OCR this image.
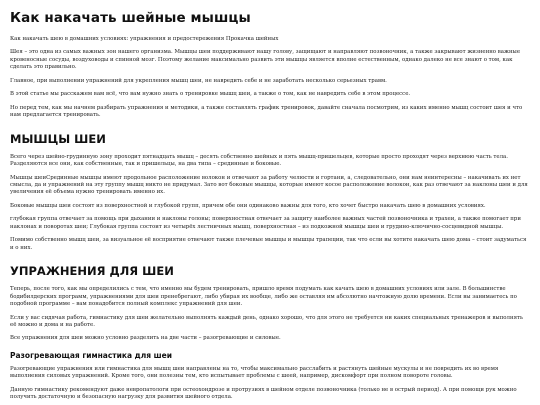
Как накачать шейные мышцы

Как накачать шею в домашних условиях: упражнения и предостережения Прокачка шейных

Шея – это одна из самых важных зон нашего организма. Мышцы шеи поддерживают нашу голову, защищают и направляют позвоночник, а также закрывают жизненно важные кровеносные сосуды, воздуховоды и спинной мозг. Поэтому желание максимально развить эти мышцы является вполне естественным, однако далеко не все знают о том, как сделать это правильно.

Главное, при выполнении упражнений для укрепления мышц шеи, не навредить себе и не заработать несколько серьезных травм.

В этой статье мы расскажем вам всё, что вам нужно знать о тренировке мышц шеи, а также о том, как не навредить себе в этом процессе.

Но перед тем, как мы начнем разбирать упражнения и методики, а также составлять график тренировок, давайте сначала посмотрим, из каких именно мышц состоит шея и что нам предлагается тренировать.

МЫШЦЫ ШЕИ

Всего через шейно-грудинную зону проходит пятнадцать мышц – десять собственно шейных и пять мышц-пришельцев, которые просто проходят через верхнюю часть тела. Разделяются все они, как собственные, так и пришельцы, на два типа – срединные и боковые.

Мышцы шеиСрединные мышцы имеют продольное расположение волокон и отвечают за работу челюсти и гортани, а, следовательно, они нам неинтересны – накачивать их нет смысла, да и упражнений на эту группу мышц никто не придумал. Зато вот боковые мышцы, которые имеют косое расположение волокон, как раз отвечают за наклоны шеи и для увеличения её объема нужно тренировать именно их.

Боковые мышцы шеи состоят из поверхностной и глубокой групп, причем обе они одинаково важны для того, кто хочет быстро накачать шею в домашних условиях.

глубокая группа отвечает за помощь при дыхании и наклоны головы; поверхностная отвечает за защиту наиболее важных частей позвоночника и трахеи, а также помогает при наклонах и поворотах шеи; Глубокая группа состоит из четырёх лестничных мышц, поверхностная – из подкожной мышцы шеи и грудино-ключично-сосцевидной мышцы.

Помимо собственно мышц шеи, за визуальное её восприятие отвечают также плечевые мышцы и мышцы трапеции, так что если вы хотите накачать шею дома – стоит задуматься и о них.

УПРАЖНЕНИЯ ДЛЯ ШЕИ

Теперь, после того, как мы определились с тем, что именно мы будем тренировать, пришло время подумать как качать шею в домашних условиях или зале. В большинстве бодибилдерских программ, упражнениями для шеи пренебрегают, либо убирая их вообще, либо же оставляя им абсолютно начтожную долю времени. Если вы занимаетесь по подобной программе – вам понадобится полный комплекс упражнений для шеи.

Если у вас сидячая работа, гимнастику для шеи желательно выполнять каждый день, однако хорошо, что для этого не требуется ни каких специальных тренажеров и выполнять её можно и дома и на работе.

Все упражнения для шеи можно условно разделить на две части – разогревающие и силовые.

Разогревающая гимнастика для шеи

Разогревающие упражнения или гимнастика для мышц шеи направлены на то, чтобы максимально расслабить и растянуть шейные мускулы и не повредить их во время выполнения силовых упражнений. Кроме того, они полезны тем, кто испытывает проблемы с шеей, например, дискомфорт при полном повороте головы.

Данную гимнастику рекомендуют даже невропатологи при остеохондрозе и протрузиях в шейном отделе позвоночника (только не в острый период). А при помощи рук можно получить достаточную и безопасную нагрузку для развития шейного отдела.
